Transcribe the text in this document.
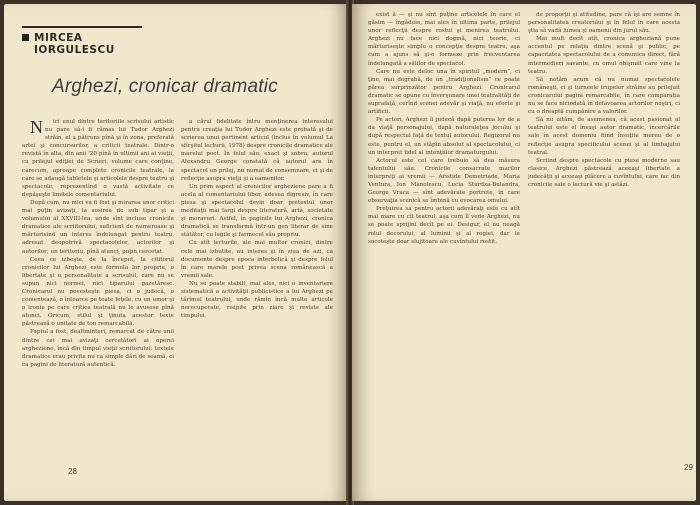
MIRCEA
IORGULESCU
Arghezi, cronicar dramatic

N ici unul dintre teritoriile scrisului artistic nu pare să-i fi rămas lui Tudor Arghezi străin, el a pătruns pînă şi în zona, preferată artei şi concursurilor, a criticii teatrale. Dintr-o revistă în alta, din anii '20 pînă în ultimii ani ai vieţii, cu prilejul ediţiei de Scrieri, volume care conţine, carecum, aproape complete cronicile teatrale, la care se adaugă tabletele şi articolele despre teatru şi spectacole, reprezentînd o vastă activitate ce depăşeşte limitele comentariului.

După cum, nu mici va fi fost şi mirarea unor critici mai puţin avizaţi, la sosirea de sub tipar şi a volumului al XXVIII-lea, unde sînt incluse cronicile dramatice ale scriitorului, suficient de numeroase şi mărturisind un interes îndelungat pentru teatru, adresat deopotrivă spectacolelor, actorilor şi autorilor; un teritoriu, pînă atunci, puţin cercetat.

Ceea ce izbeşte, de la început, la cititorul cronicilor lui Arghezi este formula lor proprie, o libertate şi o personalitate a scrisului, care nu se supun nici normei, nici tiparului gazetăresc. Cronicarul nu povesteşte piesa, ci o judecă, o comentează, o întoarce pe toate feţele, cu un umor şi o ironie pe care critica teatrală nu le avusese pînă atunci. Oricum, stilul şi ţinuta acestor texte păstrează o unitate de ton remarcabilă.

Faptul a fost, dealtminteri, remarcat de către unii dintre cei mai avizaţi cercetători ai operei argheziene, încă din timpul vieţii scriitorului: textele dramatice erau privite nu ca simple dări de seamă, ci ca pagini de literatură autentică.

a cărui fidelitate întru menţinerea interesului pentru creaţia lui Tudor Arghezi este probată şi de scrierea unui pertinent articol (inclus în volumul La sfîrşitul lecturii, 1978) despre cronicile dramatice ale marelui poet. În felul său, exact şi sobru, autorul Alexandru George constată că autorul are în spectacol un prilej, nu numai de consemnare, ci şi de reflecţie asupra vieţii şi a oamenilor.

Un prim aspect al cronicilor argheziene pare a fi acela al comentariului liber, adesea digresiv, în care piesa şi spectacolul devin doar pretextul unor meditaţii mai largi despre literatură, artă, societate şi moravuri. Astfel, în paginile lui Arghezi, cronica dramatică se transformă într-un gen literar de sine stătător, cu legile şi farmecul său propriu.

Cu atît lecturile, ale mai multor cronici, dintre cele mai izbutite, au interes şi în ziua de azi, ca documente despre epoca interbelică şi despre felul în care marele poet privea scena românească a vremii sale.

Nu se poate stabili, mai ales, nici o inventariere sistematică a activităţii publicistice a lui Arghezi pe tărîmul teatrului, unde rămîn încă multe articole nerecuperate, risipite prin ziare şi reviste ale timpului.

28

exist ă — şi nu sînt puţine articolele în care el găsim — îngăduie, mai ales în ultima parte, prilejul unor reflecţii despre rostul şi menirea teatrului. Arghezi nu face nici dogmă, nici teorie, ci mărturiseşte simplu o concepţie despre teatru, aşa cum a ajuns să şi-o formeze prin frecventarea îndelungată a sălilor de spectacol.

Care nu este deloc una în spiritul „modern”, ci ţine, mai degrabă, de un „tradiţionalism” ce poate părea surprinzător pentru Arghezi. Cronicarul dramatic se opune cu înverşunare unei teatralităţi de suprafaţă, cerînd scenei adevăr şi viaţă, nu efecte şi artificii.

Pe actori, Arghezi îi judecă după puterea lor de a da viaţă personajului, după naturaleţea jocului şi după respectul faţă de textul autorului. Regizorul nu este, pentru el, un stăpîn absolut al spectacolului, ci un interpret fidel al intenţiilor dramaturgului.

Actorul este cel care trebuie să dea măsura talentului său. Cronicile consacrate marilor interpreţi ai vremii — Aristide Demetriade, Maria Ventura, Ion Manolescu, Lucia Sturdza-Bulandra, George Vraca — sînt adevărate portrete, în care observaţia scenică se îmbină cu evocarea omului.

Preţuirea sa pentru actorii adevăraţi este cu atît mai mare cu cît teatrul, aşa cum îl vede Arghezi, nu se poate sprijini decît pe ei. Desigur, el nu neagă rolul decorului, al luminii şi al regiei, dar le socoteşte doar slujitoare ale cuvîntului rostit.

de proporţii şi atitudine, pare că îşi are semne în personalitatea creatorului şi în felul în care acesta ştia să vadă lumea şi oamenii din jurul său.

Mai mult decît atît, cronica argheziană pune accentul pe relaţia dintre scenă şi public, pe capacitatea spectacolului de a comunica direct, fără intermedieri savante, cu omul obişnuit care vine la teatru.

Să notăm acum că nu numai spectacolele româneşti, ci şi turneele trupelor străine au prilejuit cronicarului pagini remarcabile, în care comparaţia nu se face niciodată în defavoarea actorilor noştri, ci cu o dreaptă cumpănire a valorilor.

Să nu uităm, de asemenea, că acest pasionat al teatrului este el însuşi autor dramatic, încercările sale în acest domeniu fiind însoţite mereu de o reflecţie asupra specificului scenei şi al limbajului teatral.

Scriind despre spectacole cu piese moderne sau clasice, Arghezi păstrează aceeaşi libertate a judecăţii şi aceeaşi plăcere a cuvîntului, care fac din cronicile sale o lectură vie şi astăzi.

29
